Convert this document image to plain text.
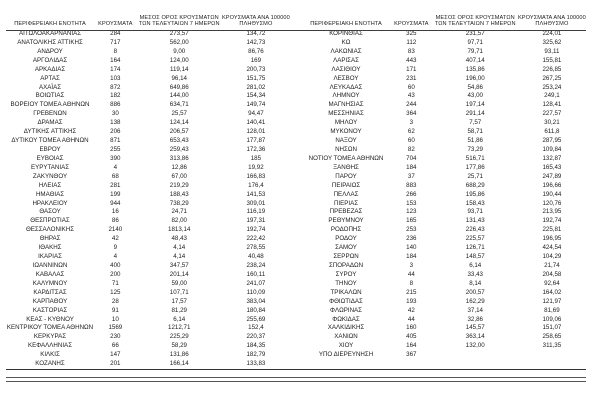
ΠΕΡΙΦΕΡΕΙΑΚΗ ΕΝΟΤΗΤΑ	ΚΡΟΥΣΜΑΤΑ	ΜΕΣΟΣ ΟΡΟΣ ΚΡΟΥΣΜΑΤΩΝ
ΤΩΝ ΤΕΛΕΥΤΑΙΩΝ 7 ΗΜΕΡΩΝ	ΚΡΟΥΣΜΑΤΑ ΑΝΑ 100000
ΠΛΗΘΥΣΜΟ
ΑΙΤΩΛΟΑΚΑΡΝΑΝΙΑΣ	284	273,57	134,72
ΑΝΑΤΟΛΙΚΗΣ ΑΤΤΙΚΗΣ	717	562,00	142,73
ΑΝΔΡΟΥ	8	9,00	86,76
ΑΡΓΟΛΙΔΑΣ	164	124,00	169
ΑΡΚΑΔΙΑΣ	174	119,14	200,73
ΑΡΤΑΣ	103	96,14	151,75
ΑΧΑΪΑΣ	872	649,86	281,02
ΒΟΙΩΤΙΑΣ	182	144,00	154,34
ΒΟΡΕΙΟΥ ΤΟΜΕΑ ΑΘΗΝΩΝ	886	634,71	149,74
ΓΡΕΒΕΝΩΝ	30	25,57	94,47
ΔΡΑΜΑΣ	138	124,14	140,41
ΔΥΤΙΚΗΣ ΑΤΤΙΚΗΣ	206	206,57	128,01
ΔΥΤΙΚΟΥ ΤΟΜΕΑ ΑΘΗΝΩΝ	871	653,43	177,87
ΕΒΡΟΥ	255	259,43	172,36
ΕΥΒΟΙΑΣ	390	313,86	185
ΕΥΡΥΤΑΝΙΑΣ	4	12,86	19,92
ΖΑΚΥΝΘΟΥ	68	67,00	166,83
ΗΛΕΙΑΣ	281	219,29	176,4
ΗΜΑΘΙΑΣ	199	188,43	141,53
ΗΡΑΚΛΕΙΟΥ	944	738,29	309,01
ΘΑΣΟΥ	16	24,71	116,19
ΘΕΣΠΡΩΤΙΑΣ	86	82,00	197,31
ΘΕΣΣΑΛΟΝΙΚΗΣ	2140	1813,14	192,74
ΘΗΡΑΣ	42	48,43	222,42
ΙΘΑΚΗΣ	9	4,14	278,55
ΙΚΑΡΙΑΣ	4	4,14	40,48
ΙΩΑΝΝΙΝΩΝ	400	347,57	238,24
ΚΑΒΑΛΑΣ	200	201,14	160,11
ΚΑΛΥΜΝΟΥ	71	59,00	241,07
ΚΑΡΔΙΤΣΑΣ	125	107,71	110,09
ΚΑΡΠΑΘΟΥ	28	17,57	383,04
ΚΑΣΤΟΡΙΑΣ	91	81,29	180,84
ΚΕΑΣ - ΚΥΘΝΟΥ	10	6,14	255,69
ΚΕΝΤΡΙΚΟΥ ΤΟΜΕΑ ΑΘΗΝΩΝ	1569	1212,71	152,4
ΚΕΡΚΥΡΑΣ	230	225,29	220,37
ΚΕΦΑΛΛΗΝΙΑΣ	66	58,29	184,35
ΚΙΛΚΙΣ	147	131,86	182,79
ΚΟΖΑΝΗΣ	201	166,14	133,83
ΠΕΡΙΦΕΡΕΙΑΚΗ ΕΝΟΤΗΤΑ	ΚΡΟΥΣΜΑΤΑ	ΜΕΣΟΣ ΟΡΟΣ ΚΡΟΥΣΜΑΤΩΝ
ΤΩΝ ΤΕΛΕΥΤΑΙΩΝ 7 ΗΜΕΡΩΝ	ΚΡΟΥΣΜΑΤΑ ΑΝΑ 100000
ΠΛΗΘΥΣΜΟ
ΚΟΡΙΝΘΙΑΣ	325	231,57	224,01
ΚΩ	112	97,71	325,62
ΛΑΚΩΝΙΑΣ	83	79,71	93,11
ΛΑΡΙΣΑΣ	443	407,14	155,81
ΛΑΣΙΘΙΟΥ	171	135,86	226,85
ΛΕΣΒΟΥ	231	196,00	267,25
ΛΕΥΚΑΔΑΣ	60	54,86	253,24
ΛΗΜΝΟΥ	43	43,00	249,1
ΜΑΓΝΗΣΙΑΣ	244	197,14	128,41
ΜΕΣΣΗΝΙΑΣ	364	291,14	227,57
ΜΗΛΟΥ	3	7,57	30,21
ΜΥΚΟΝΟΥ	62	58,71	611,8
ΝΑΞΟΥ	60	51,86	287,95
ΝΗΣΩΝ	82	73,29	109,84
ΝΟΤΙΟΥ ΤΟΜΕΑ ΑΘΗΝΩΝ	704	516,71	132,87
ΞΑΝΘΗΣ	184	177,86	165,43
ΠΑΡΟΥ	37	25,71	247,89
ΠΕΙΡΑΙΩΣ	883	688,29	196,66
ΠΕΛΛΑΣ	266	195,86	190,44
ΠΙΕΡΙΑΣ	153	158,43	120,76
ΠΡΕΒΕΖΑΣ	123	93,71	213,95
ΡΕΘΥΜΝΟΥ	165	131,43	192,74
ΡΟΔΟΠΗΣ	253	226,43	225,81
ΡΟΔΟΥ	236	225,57	196,95
ΣΑΜΟΥ	140	126,71	424,54
ΣΕΡΡΩΝ	184	148,57	104,29
ΣΠΟΡΑΔΩΝ	3	6,14	21,74
ΣΥΡΟΥ	44	33,43	204,58
ΤΗΝΟΥ	8	8,14	92,64
ΤΡΙΚΑΛΩΝ	215	200,57	164,02
ΦΘΙΩΤΙΔΑΣ	193	162,29	121,97
ΦΛΩΡΙΝΑΣ	42	37,14	81,69
ΦΩΚΙΔΑΣ	44	32,86	109,06
ΧΑΛΚΙΔΙΚΗΣ	160	145,57	151,07
ΧΑΝΙΩΝ	405	363,14	258,65
ΧΙΟΥ	164	132,00	311,35
ΥΠΟ ΔΙΕΡΕΥΝΗΣΗ	367		
